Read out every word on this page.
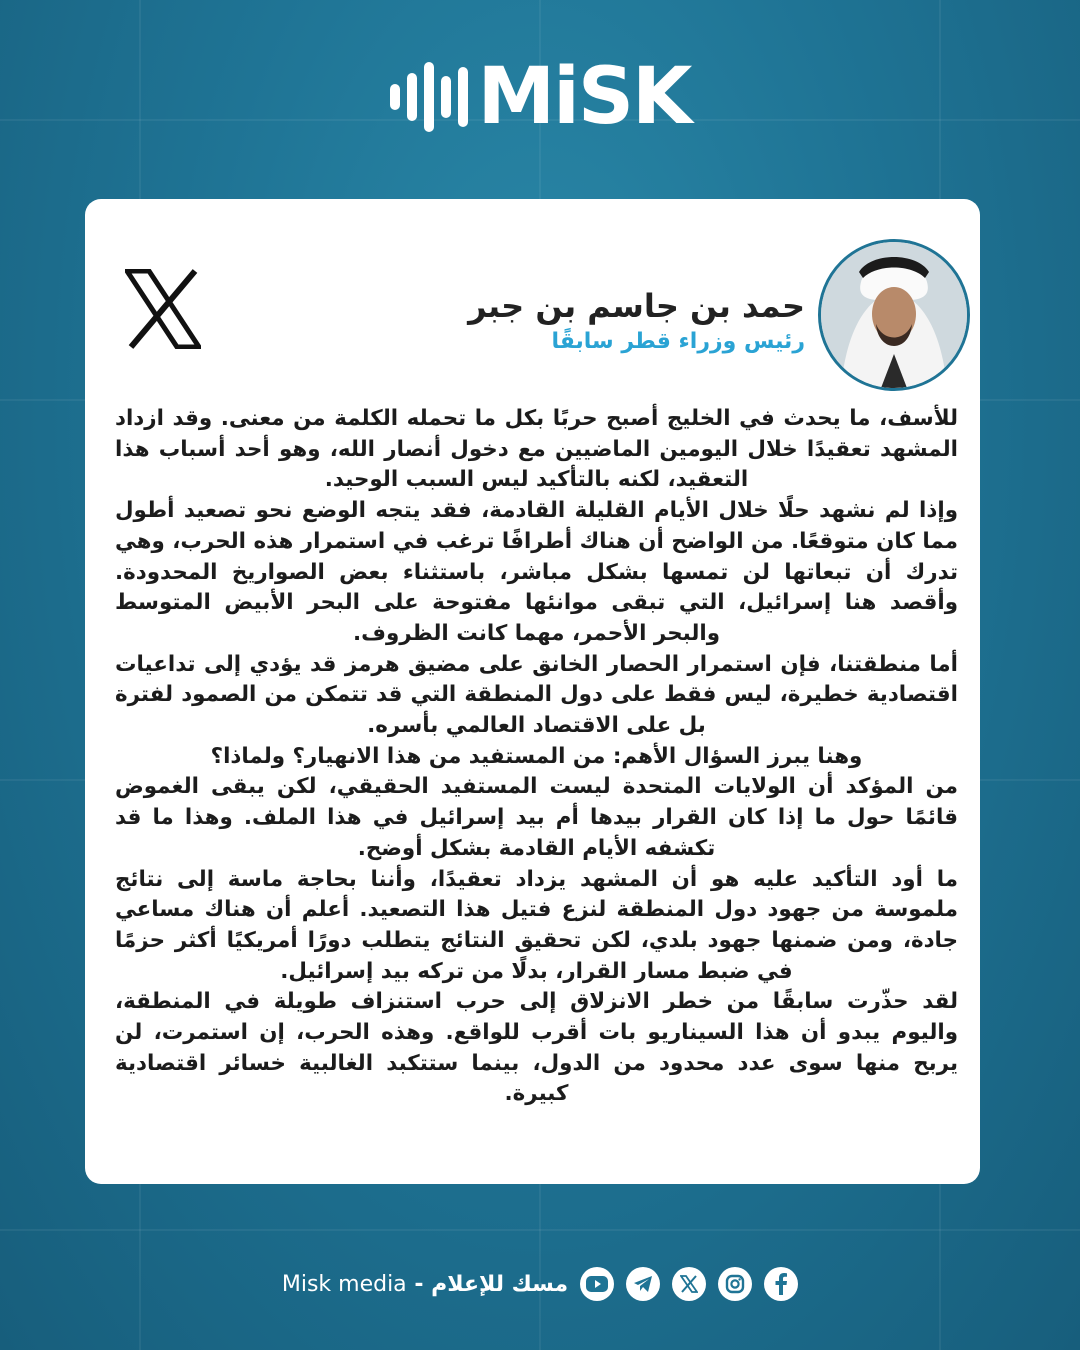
MiSK
حمد بن جاسم بن جبر
رئيس وزراء قطر سابقًا

للأسف، ما يحدث في الخليج أصبح حربًا بكل ما تحمله الكلمة من معنى. وقد ازداد المشهد تعقيدًا خلال اليومين الماضيين مع دخول أنصار الله، وهو أحد أسباب هذا التعقيد، لكنه بالتأكيد ليس السبب الوحيد.

وإذا لم نشهد حلًا خلال الأيام القليلة القادمة، فقد يتجه الوضع نحو تصعيد أطول مما كان متوقعًا. من الواضح أن هناك أطرافًا ترغب في استمرار هذه الحرب، وهي تدرك أن تبعاتها لن تمسها بشكل مباشر، باستثناء بعض الصواريخ المحدودة. وأقصد هنا إسرائيل، التي تبقى موانئها مفتوحة على البحر الأبيض المتوسط والبحر الأحمر، مهما كانت الظروف.

أما منطقتنا، فإن استمرار الحصار الخانق على مضيق هرمز قد يؤدي إلى تداعيات اقتصادية خطيرة، ليس فقط على دول المنطقة التي قد تتمكن من الصمود لفترة بل على الاقتصاد العالمي بأسره.

وهنا يبرز السؤال الأهم: من المستفيد من هذا الانهيار؟ ولماذا؟

من المؤكد أن الولايات المتحدة ليست المستفيد الحقيقي، لكن يبقى الغموض قائمًا حول ما إذا كان القرار بيدها أم بيد إسرائيل في هذا الملف. وهذا ما قد تكشفه الأيام القادمة بشكل أوضح.

ما أود التأكيد عليه هو أن المشهد يزداد تعقيدًا، وأننا بحاجة ماسة إلى نتائج ملموسة من جهود دول المنطقة لنزع فتيل هذا التصعيد. أعلم أن هناك مساعي جادة، ومن ضمنها جهود بلدي، لكن تحقيق النتائج يتطلب دورًا أمريكيًا أكثر حزمًا في ضبط مسار القرار، بدلًا من تركه بيد إسرائيل.

لقد حذّرت سابقًا من خطر الانزلاق إلى حرب استنزاف طويلة في المنطقة، واليوم يبدو أن هذا السيناريو بات أقرب للواقع. وهذه الحرب، إن استمرت، لن يربح منها سوى عدد محدود من الدول، بينما ستتكبد الغالبية خسائر اقتصادية كبيرة.

Misk media - مسك للإعلام
